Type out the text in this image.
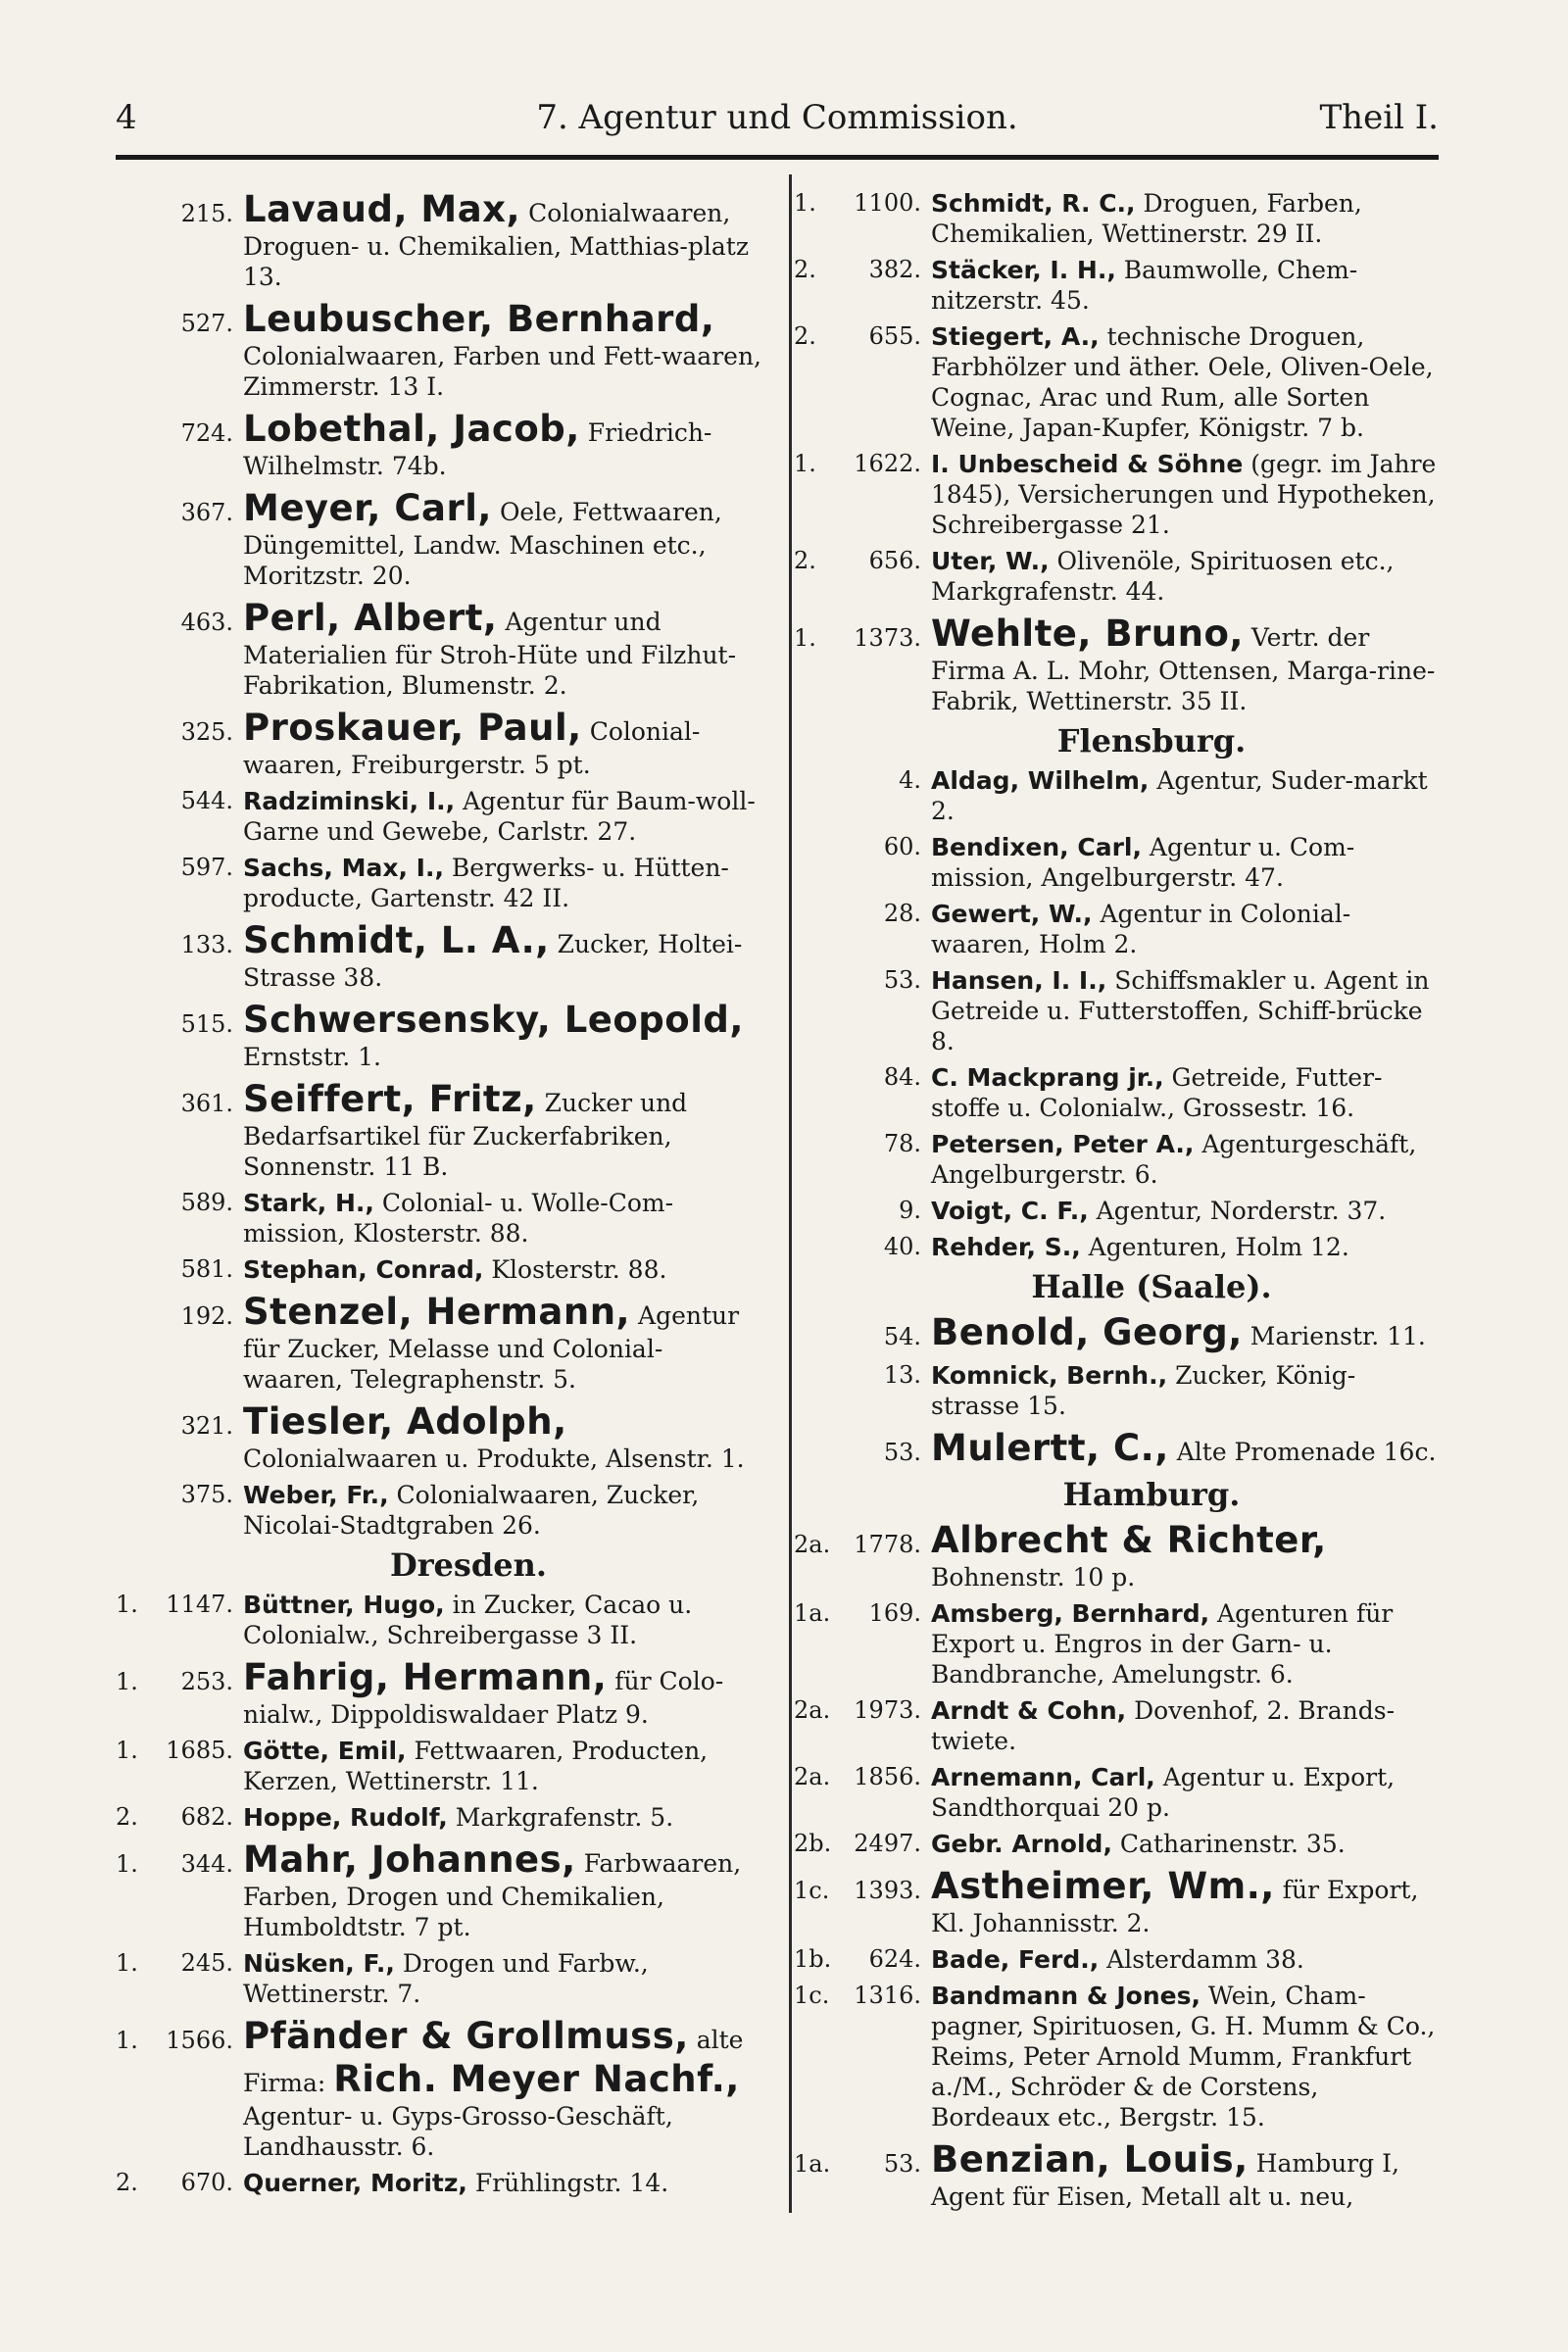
7. Agentur und Commission.
4	Theil I.
215. Lavaud, Max, Colonialwaaren, Droguen- u. Chemikalien, Matthias-platz 13.
527. Leubuscher, Bernhard, Colonialwaaren, Farben und Fett-waaren, Zimmerstr. 13 I.
724. Lobethal, Jacob, Friedrich-Wilhelmstr. 74b.
367. Meyer, Carl, Oele, Fettwaaren, Düngemittel, Landw. Maschinen etc., Moritzstr. 20.
463. Perl, Albert, Agentur und Materialien für Stroh-Hüte und Filzhut-Fabrikation, Blumenstr. 2.
325. Proskauer, Paul, Colonial-waaren, Freiburgerstr. 5 pt.
544. Radziminski, I., Agentur für Baum-woll-Garne und Gewebe, Carlstr. 27.
597. Sachs, Max, I., Bergwerks- u. Hütten-producte, Gartenstr. 42 II.
133. Schmidt, L. A., Zucker, Holtei-Strasse 38.
515. Schwersensky, Leopold, Ernststr. 1.
361. Seiffert, Fritz, Zucker und Bedarfsartikel für Zuckerfabriken, Sonnenstr. 11 B.
589. Stark, H., Colonial- u. Wolle-Com-mission, Klosterstr. 88.
581. Stephan, Conrad, Klosterstr. 88.
192. Stenzel, Hermann, Agentur für Zucker, Melasse und Colonial-waaren, Telegraphenstr. 5.
321. Tiesler, Adolph, Colonialwaaren u. Produkte, Alsenstr. 1.
375. Weber, Fr., Colonialwaaren, Zucker, Nicolai-Stadtgraben 26.
Dresden.
1. 1147. Büttner, Hugo, in Zucker, Cacao u. Colonialw., Schreibergasse 3 II.
1. 253. Fahrig, Hermann, für Colo-nialw., Dippoldiswaldaer Platz 9.
1. 1685. Götte, Emil, Fettwaaren, Producten, Kerzen, Wettinerstr. 11.
2. 682. Hoppe, Rudolf, Markgrafenstr. 5.
1. 344. Mahr, Johannes, Farbwaaren, Farben, Drogen und Chemikalien, Humboldtstr. 7 pt.
1. 245. Nüsken, F., Drogen und Farbw., Wettinerstr. 7.
1. 1566. Pfänder & Grollmuss, alte
Firma: Rich. Meyer Nachf.,
Agentur- u. Gyps-Grosso-Geschäft, Landhausstr. 6.
2. 670. Querner, Moritz, Frühlingstr. 14.
1. 1100. Schmidt, R. C., Droguen, Farben, Chemikalien, Wettinerstr. 29 II.
2. 382. Stäcker, I. H., Baumwolle, Chem-nitzerstr. 45.
2. 655. Stiegert, A., technische Droguen, Farbhölzer und äther. Oele, Oliven-Oele, Cognac, Arac und Rum, alle Sorten Weine, Japan-Kupfer, Königstr. 7 b.
1. 1622. I. Unbescheid & Söhne (gegr. im Jahre 1845), Versicherungen und Hypotheken, Schreibergasse 21.
2. 656. Uter, W., Olivenöle, Spirituosen etc., Markgrafenstr. 44.
1. 1373. Wehlte, Bruno, Vertr. der Firma A. L. Mohr, Ottensen, Marga-rine-Fabrik, Wettinerstr. 35 II.
Flensburg.
4. Aldag, Wilhelm, Agentur, Suder-markt 2.
60. Bendixen, Carl, Agentur u. Com-mission, Angelburgerstr. 47.
28. Gewert, W., Agentur in Colonial-waaren, Holm 2.
53. Hansen, I. I., Schiffsmakler u. Agent in Getreide u. Futterstoffen, Schiff-brücke 8.
84. C. Mackprang jr., Getreide, Futter-stoffe u. Colonialw., Grossestr. 16.
78. Petersen, Peter A., Agenturgeschäft, Angelburgerstr. 6.
9. Voigt, C. F., Agentur, Norderstr. 37.
40. Rehder, S., Agenturen, Holm 12.
Halle (Saale).
54. Benold, Georg, Marienstr. 11.
13. Komnick, Bernh., Zucker, König-strasse 15.
53. Mulertt, C., Alte Promenade 16c.
Hamburg.
2a. 1778. Albrecht & Richter, Bohnenstr. 10 p.
1a. 169. Amsberg, Bernhard, Agenturen für Export u. Engros in der Garn- u. Bandbranche, Amelungstr. 6.
2a. 1973. Arndt & Cohn, Dovenhof, 2. Brands-twiete.
2a. 1856. Arnemann, Carl, Agentur u. Export, Sandthorquai 20 p.
2b. 2497. Gebr. Arnold, Catharinenstr. 35.
1c. 1393. Astheimer, Wm., für Export, Kl. Johannisstr. 2.
1b. 624. Bade, Ferd., Alsterdamm 38.
1c. 1316. Bandmann & Jones, Wein, Cham-pagner, Spirituosen, G. H. Mumm & Co., Reims, Peter Arnold Mumm, Frankfurt a./M., Schröder & de Corstens, Bordeaux etc., Bergstr. 15.
1a. 53. Benzian, Louis, Hamburg I, Agent für Eisen, Metall alt u. neu,
